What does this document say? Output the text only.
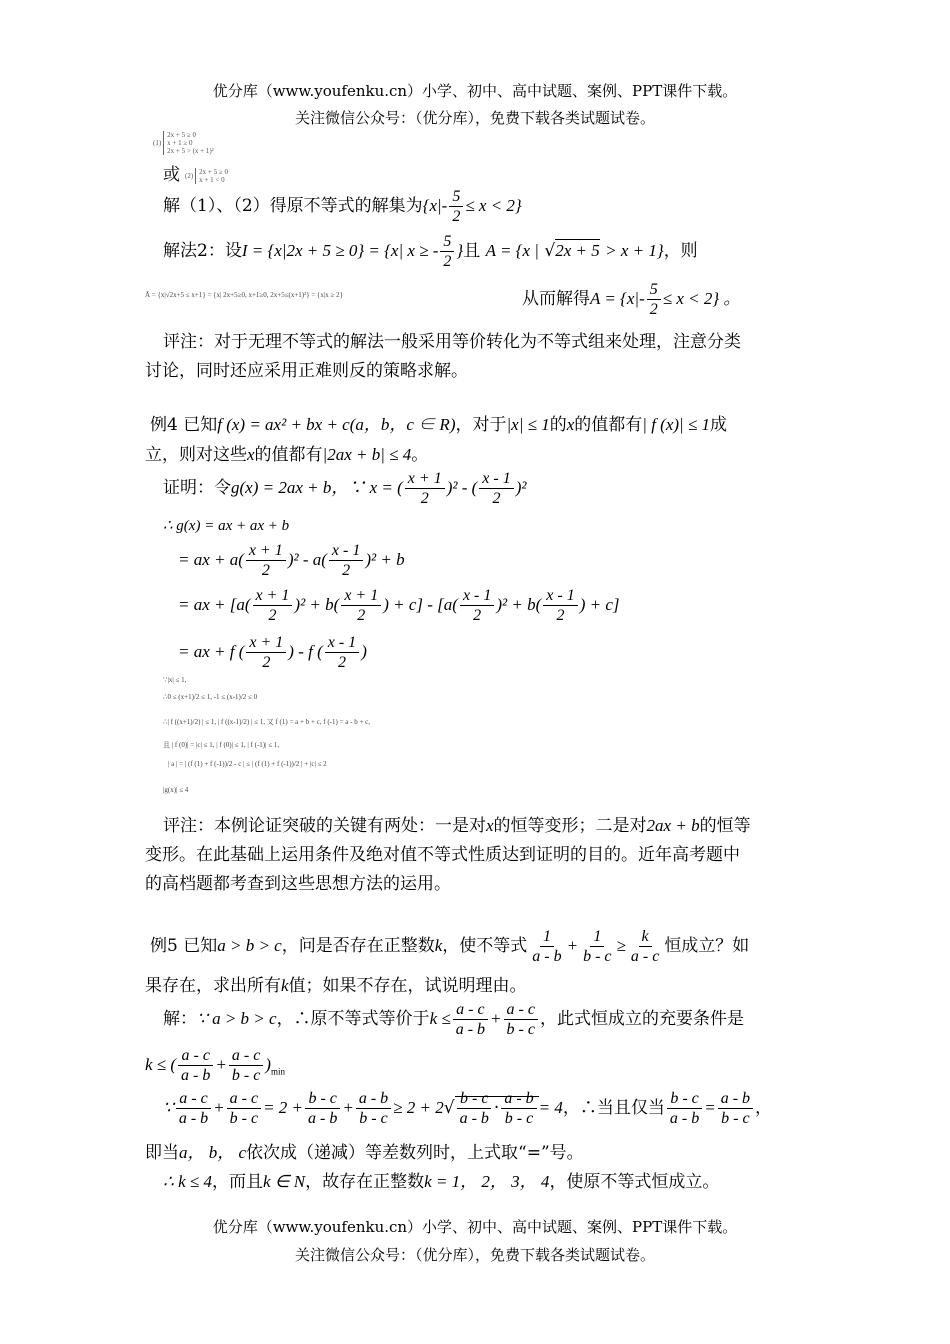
优分库（www.youfenku.cn）小学、初中、高中试题、案例、PPT课件下载。
关注微信公众号：（优分库），免费下载各类试题试卷。
(1)2x + 5 ≥ 0
x + 1 ≥ 0
2x + 5 > (x + 1)²
或 (2) 2x + 5 ≥ 0
x + 1 < 0
解（1）、（2）得原不等式的解集为$\{x|- \frac{5}{2} \le x < 2\}$
解法2：设I = {x|2x + 5 ≥ 0} = {x| x ≥ - $\frac{5}{2}$ }且 A = {x | √2x + 5 > x + 1}，则
Ā = {x|√2x+5 ≤ x+1} = {x| 2x+5≥0, x+1≥0, 2x+5≤(x+1)²} = {x|x ≥ 2}	从而解得$A = \{x|- \frac{5}{2} \le x < 2\}$ 。
评注：对于无理不等式的解法一般采用等价转化为不等式组来处理，注意分类
讨论，同时还应采用正难则反的策略求解。
例4 已知f (x) = ax² + bx + c(a，b，c ∈ R)，对于|x| ≤ 1的x的值都有| f (x)| ≤ 1成
立，则对这些x的值都有|2ax + b| ≤ 4。
证明：令g(x) = 2ax + b，∵ x = ( $\frac{x + 1}{2} )^2$ - ( $\frac{x - 1}{2} )^2$
∴ g(x) = ax + ax + b
= ax + $a( \frac{x + 1}{2} )^2 - a( \frac{x - 1}{2} )^2 + b$
= ax + [$a( \frac{x + 1}{2} )^2 + b( \frac{x + 1}{2}$ ) + $c] - [a( \frac{x - 1}{2} )^2 + b( \frac{x - 1}{2}$ ) + c]
= ax + f ( $\frac{x + 1}{2}$ ) - f ( $\frac{x - 1}{2}$ )
∵|x| ≤ 1,
∴0 ≤ (x+1)/2 ≤ 1, -1 ≤ (x-1)/2 ≤ 0
∴| f ((x+1)/2) | ≤ 1, | f ((x-1)/2) | ≤ 1, 又 f (1) = a + b + c, f (-1) = a - b + c,
且 | f (0)| = |c| ≤ 1, | f (0)| ≤ 1, | f (-1)| ≤ 1,
| a | = | (f (1) + f (-1))/2 - c | ≤ | (f (1) + f (-1))/2 | + |c| ≤ 2
|g(x)| ≤ 4
评注：本例论证突破的关键有两处：一是对x的恒等变形；二是对2ax + b的恒等
变形。在此基础上运用条件及绝对值不等式性质达到证明的目的。近年高考题中
的高档题都考查到这些思想方法的运用。
例5 已知a > b > c，问是否存在正整数k，使不等式 $\frac{1}{a - b} + \frac{1}{b - c} \ge \frac{k}{a - c}$ 恒成立？如
果存在，求出所有k值；如果不存在，试说明理由。
解：∵ a > b > c，∴原不等式等价于$k \le \frac{a - c}{a - b} + \frac{a - c}{b - c}$ ，此式恒成立的充要条件是
k ≤ ( $\frac{a - c}{a - b} + \frac{a - c}{b - c} )_{min}$
∵ $\frac{a - c}{a - b} + \frac{a - c}{b - c} = 2 + \frac{b - c}{a - b} + \frac{a - b}{b - c} \ge 2 + 2√ \frac{b - c}{a - b} \cdot \frac{a - b}{b - c} = 4$，∴当且仅当 $\frac{b - c}{a - b} = \frac{a - b}{b - c}$ ，
即当a， b， c依次成（递减）等差数列时，上式取“=”号。
∴ k ≤ 4，而且k ∈ N，故存在正整数k = 1， 2， 3， 4，使原不等式恒成立。
优分库（www.youfenku.cn）小学、初中、高中试题、案例、PPT课件下载。
关注微信公众号：（优分库），免费下载各类试题试卷。
